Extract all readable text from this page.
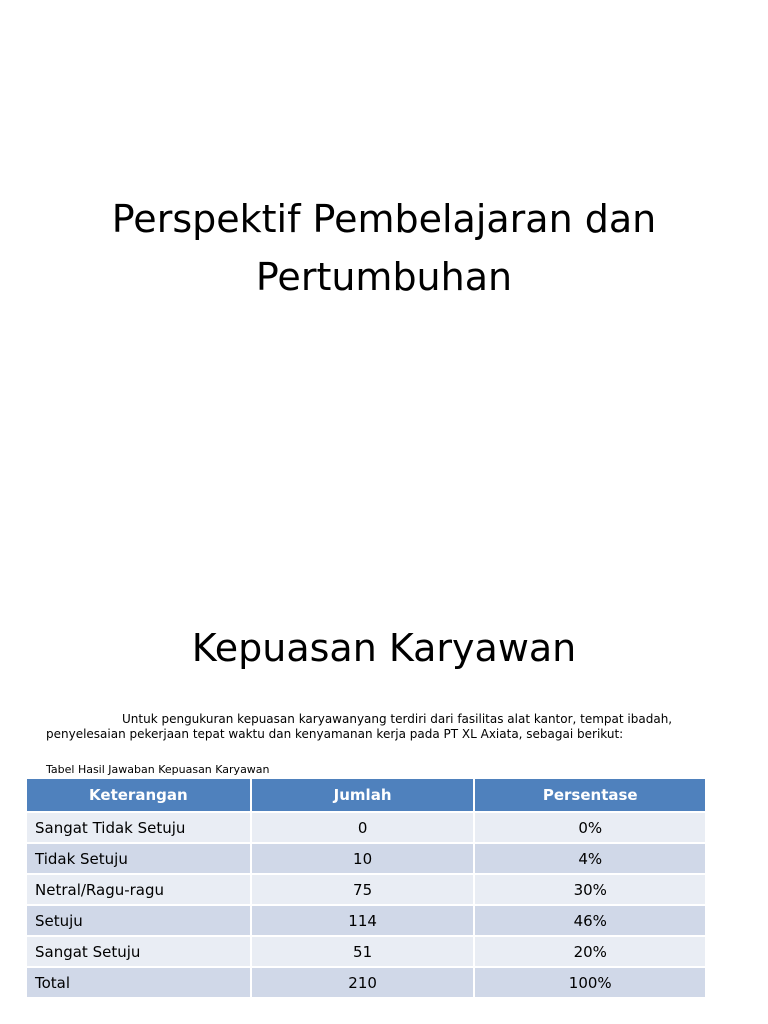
Perspektif Pembelajaran dan
Pertumbuhan
Kepuasan Karyawan
Untuk pengukuran kepuasan karyawanyang terdiri dari fasilitas alat kantor, tempat ibadah,
penyelesaian pekerjaan tepat waktu dan kenyamanan kerja pada PT XL Axiata, sebagai berikut:
Tabel Hasil Jawaban Kepuasan Karyawan
Keterangan	Jumlah	Persentase
Sangat Tidak Setuju	0	0%
Tidak Setuju	10	4%
Netral/Ragu-ragu	75	30%
Setuju	114	46%
Sangat Setuju	51	20%
Total	210	100%
